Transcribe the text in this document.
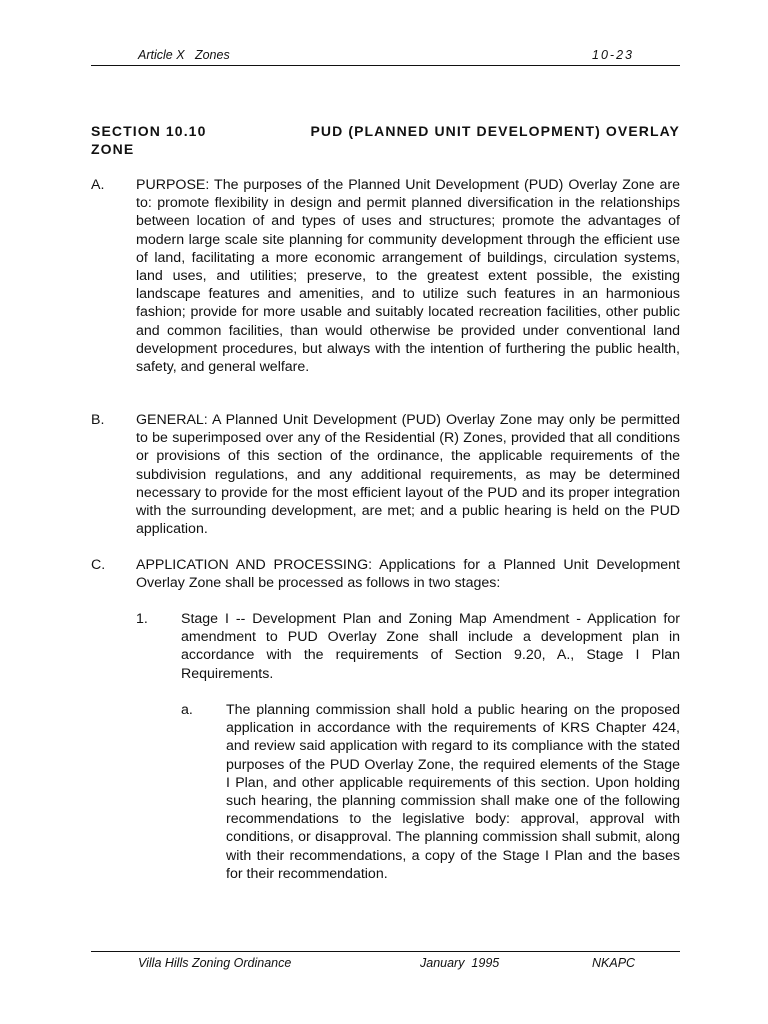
Article X   Zones	10-23
SECTION 10.10	PUD (PLANNED UNIT DEVELOPMENT) OVERLAY
ZONE
A. PURPOSE: The purposes of the Planned Unit Development (PUD) Overlay Zone are to: promote flexibility in design and permit planned diversification in the relationships between location of and types of uses and structures; promote the advantages of modern large scale site planning for community development through the efficient use of land, facilitating a more economic arrangement of buildings, circulation systems, land uses, and utilities; preserve, to the greatest extent possible, the existing landscape features and amenities, and to utilize such features in an harmonious fashion; provide for more usable and suitably located recreation facilities, other public and common facilities, than would otherwise be provided under conventional land development procedures, but always with the intention of furthering the public health, safety, and general welfare.
B. GENERAL: A Planned Unit Development (PUD) Overlay Zone may only be permitted to be superimposed over any of the Residential (R) Zones, provided that all conditions or provisions of this section of the ordinance, the applicable requirements of the subdivision regulations, and any additional requirements, as may be determined necessary to provide for the most efficient layout of the PUD and its proper integration with the surrounding development, are met; and a public hearing is held on the PUD application.
C. APPLICATION AND PROCESSING: Applications for a Planned Unit Development Overlay Zone shall be processed as follows in two stages:
1. Stage I -- Development Plan and Zoning Map Amendment - Application for amendment to PUD Overlay Zone shall include a development plan in accordance with the requirements of Section 9.20, A., Stage I Plan Requirements.
a. The planning commission shall hold a public hearing on the proposed application in accordance with the requirements of KRS Chapter 424, and review said application with regard to its compliance with the stated purposes of the PUD Overlay Zone, the required elements of the Stage I Plan, and other applicable requirements of this section. Upon holding such hearing, the planning commission shall make one of the following recommendations to the legislative body: approval, approval with conditions, or disapproval. The planning commission shall submit, along with their recommendations, a copy of the Stage I Plan and the bases for their recommendation.
Villa Hills Zoning Ordinance	January  1995	NKAPC
